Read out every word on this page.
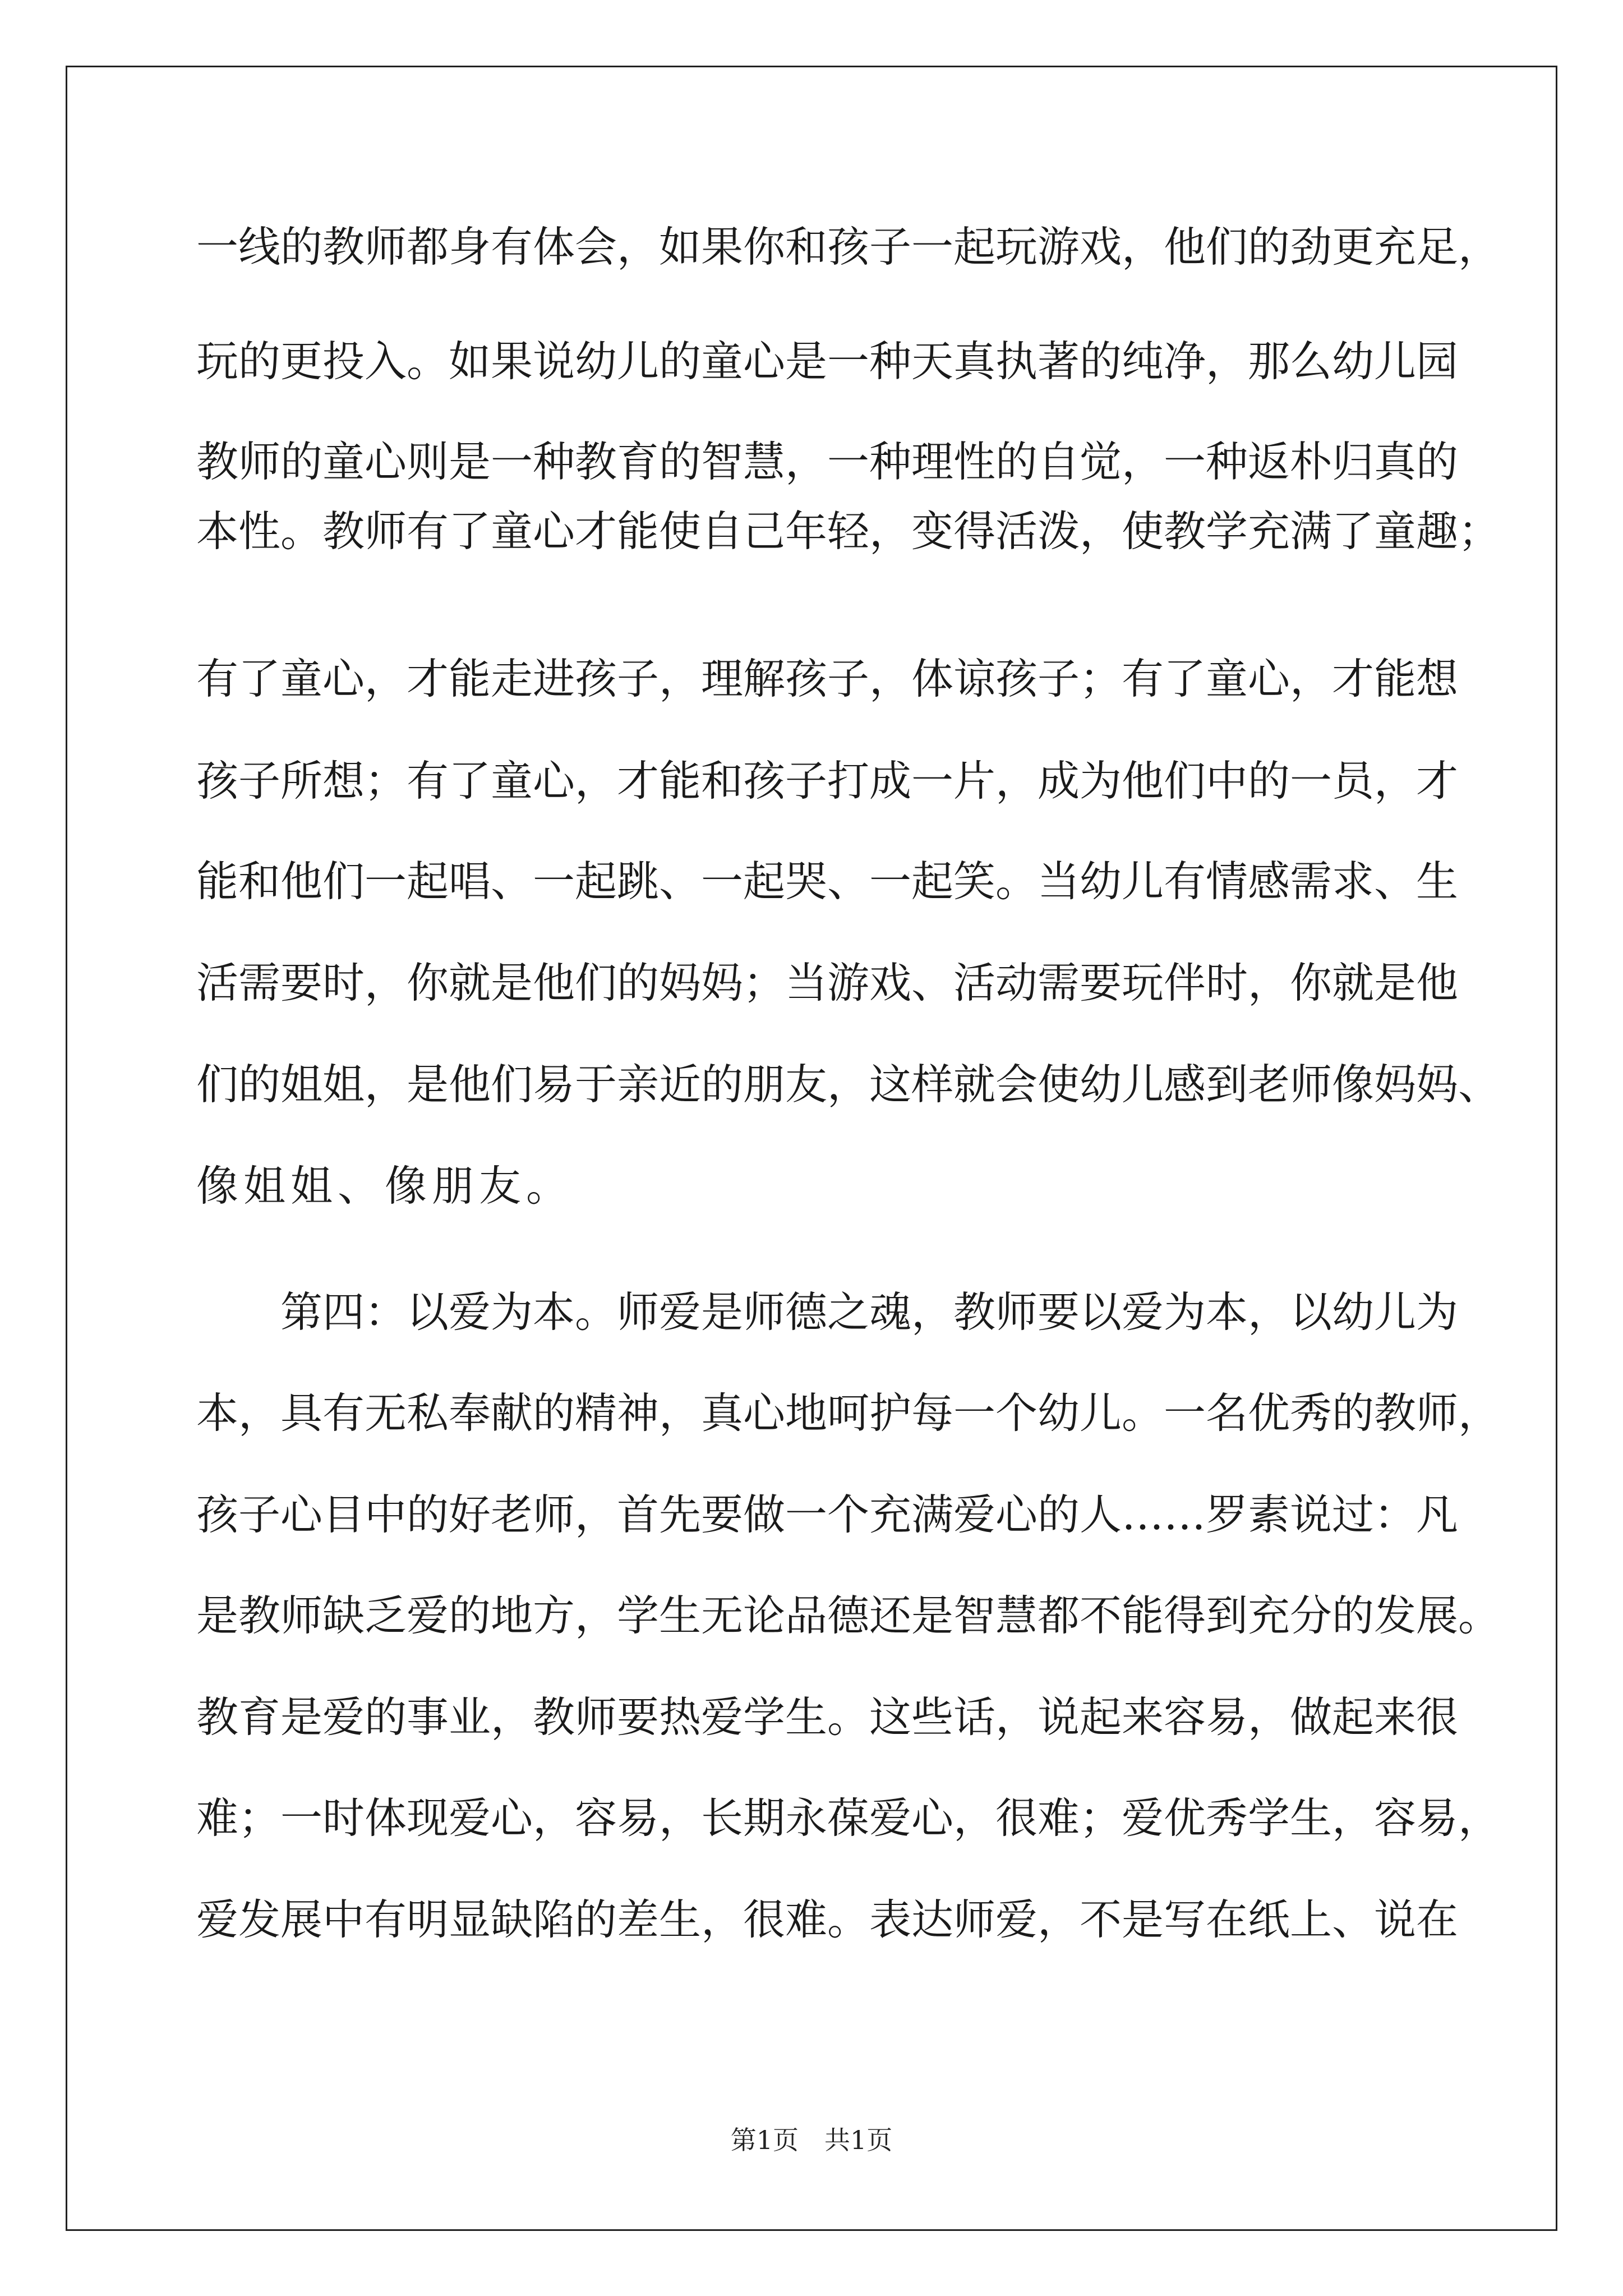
一线的教师都身有体会，如果你和孩子一起玩游戏，他们的劲更充足，
玩的更投入。如果说幼儿的童心是一种天真执著的纯净，那么幼儿园
教师的童心则是一种教育的智慧，一种理性的自觉，一种返朴归真的
本性。教师有了童心才能使自己年轻，变得活泼，使教学充满了童趣；
有了童心，才能走进孩子，理解孩子，体谅孩子；有了童心，才能想
孩子所想；有了童心，才能和孩子打成一片，成为他们中的一员，才
能和他们一起唱、一起跳、一起哭、一起笑。当幼儿有情感需求、生
活需要时，你就是他们的妈妈；当游戏、活动需要玩伴时，你就是他
们的姐姐，是他们易于亲近的朋友，这样就会使幼儿感到老师像妈妈、
像姐姐、像朋友。
　　第四：以爱为本。师爱是师德之魂，教师要以爱为本，以幼儿为
本，具有无私奉献的精神，真心地呵护每一个幼儿。一名优秀的教师，
孩子心目中的好老师，首先要做一个充满爱心的人……罗素说过：凡
是教师缺乏爱的地方，学生无论品德还是智慧都不能得到充分的发展。
教育是爱的事业，教师要热爱学生。这些话，说起来容易，做起来很
难；一时体现爱心，容易，长期永葆爱心，很难；爱优秀学生，容易，
爱发展中有明显缺陷的差生，很难。表达师爱，不是写在纸上、说在
第1页　共1页
